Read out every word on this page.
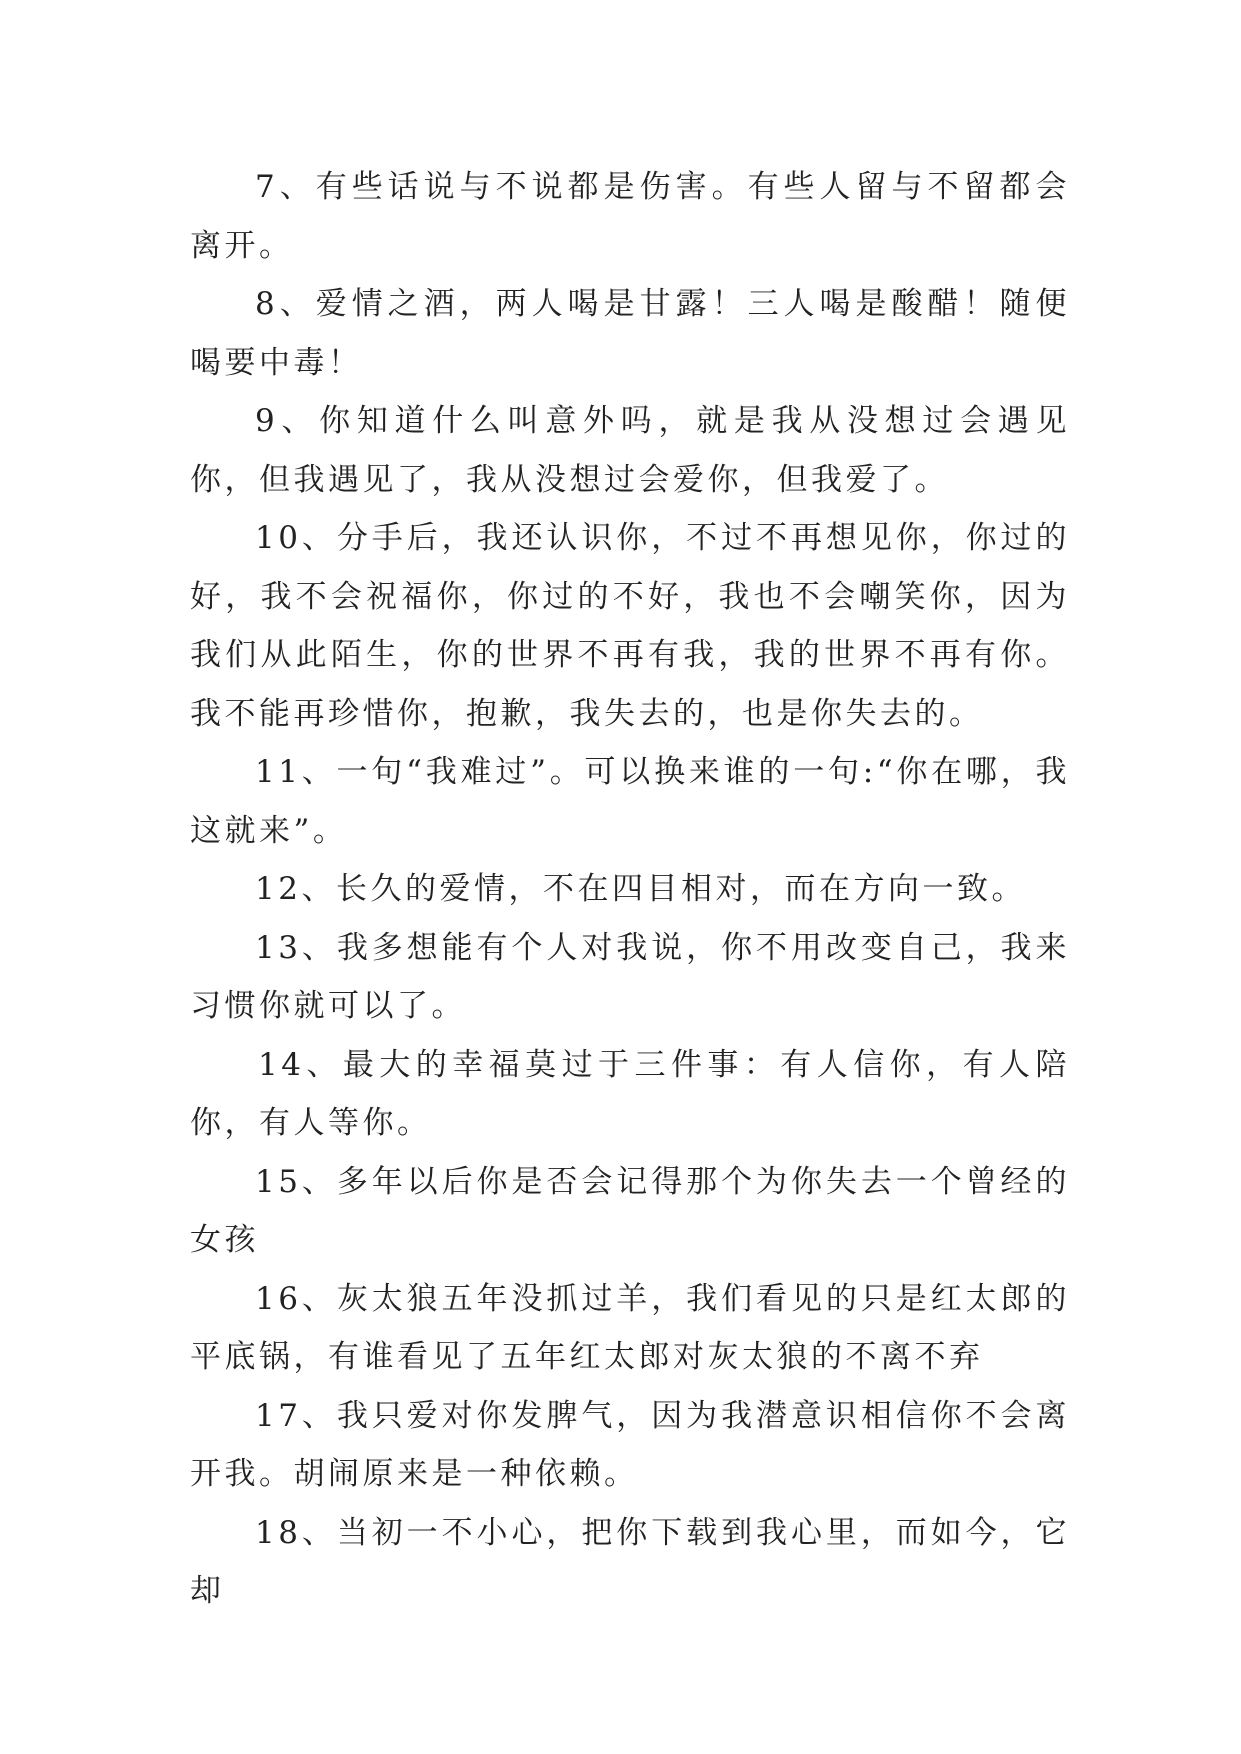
7、有些话说与不说都是伤害。有些人留与不留都会离开。

8、爱情之酒，两人喝是甘露！三人喝是酸醋！随便喝要中毒！

9、你知道什么叫意外吗，就是我从没想过会遇见你，但我遇见了，我从没想过会爱你，但我爱了。

10、分手后，我还认识你，不过不再想见你，你过的好，我不会祝福你，你过的不好，我也不会嘲笑你，因为我们从此陌生，你的世界不再有我，我的世界不再有你。我不能再珍惜你，抱歉，我失去的，也是你失去的。

11、一句“我难过”。可以换来谁的一句:“你在哪，我这就来”。

12、长久的爱情，不在四目相对，而在方向一致。

13、我多想能有个人对我说，你不用改变自己，我来习惯你就可以了。

14、最大的幸福莫过于三件事：有人信你，有人陪你，有人等你。

15、多年以后你是否会记得那个为你失去一个曾经的女孩

16、灰太狼五年没抓过羊，我们看见的只是红太郎的平底锅，有谁看见了五年红太郎对灰太狼的不离不弃

17、我只爱对你发脾气，因为我潜意识相信你不会离开我。胡闹原来是一种依赖。

18、当初一不小心，把你下载到我心里，而如今，它却
